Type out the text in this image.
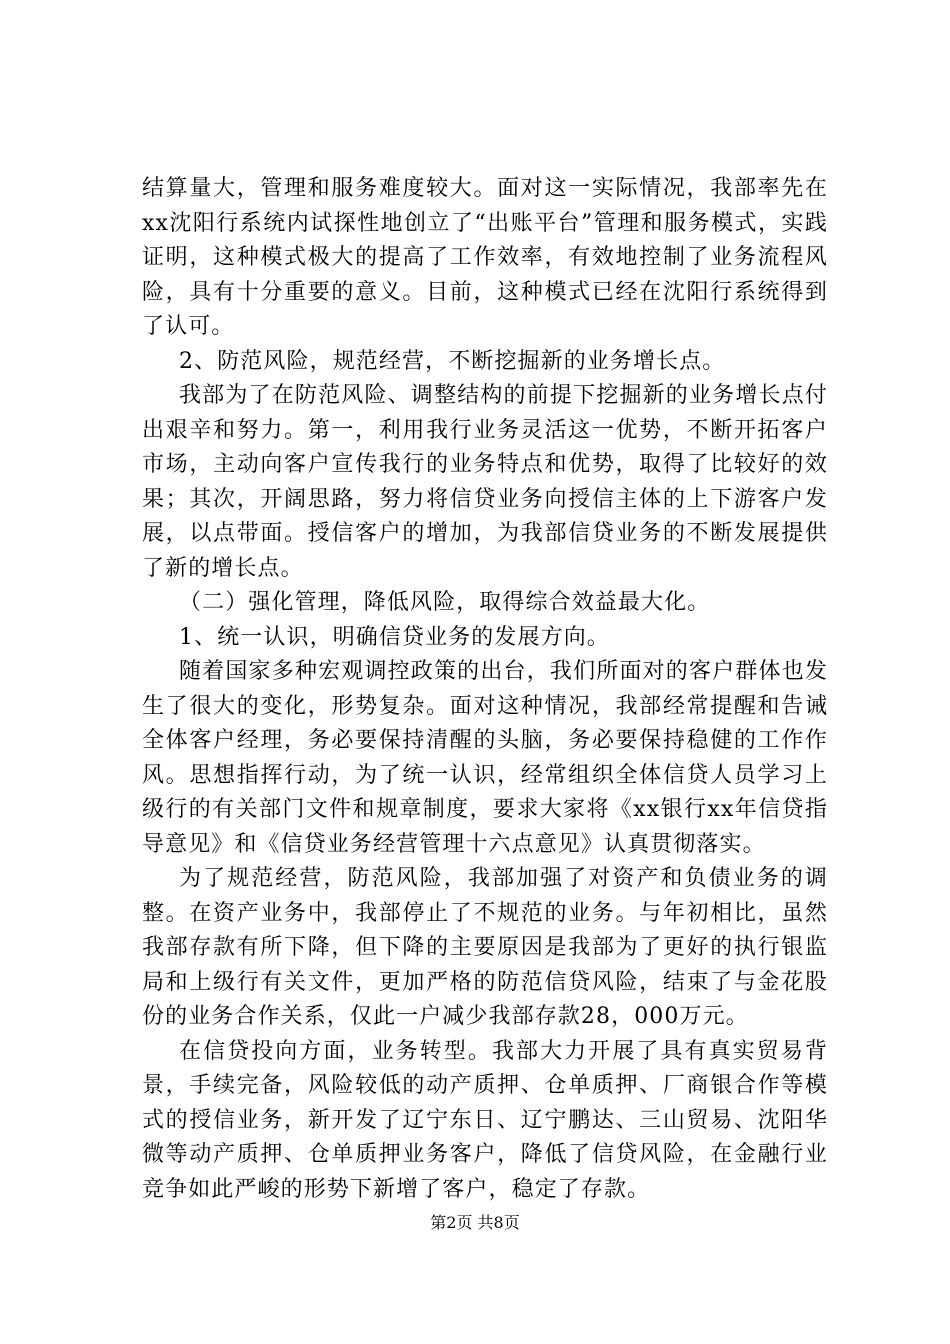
结算量大，管理和服务难度较大。面对这一实际情况，我部率先在xx沈阳行系统内试探性地创立了“出账平台”管理和服务模式，实践证明，这种模式极大的提高了工作效率，有效地控制了业务流程风险，具有十分重要的意义。目前，这种模式已经在沈阳行系统得到了认可。

2、防范风险，规范经营，不断挖掘新的业务增长点。

我部为了在防范风险、调整结构的前提下挖掘新的业务增长点付出艰辛和努力。第一，利用我行业务灵活这一优势，不断开拓客户市场，主动向客户宣传我行的业务特点和优势，取得了比较好的效果；其次，开阔思路，努力将信贷业务向授信主体的上下游客户发展，以点带面。授信客户的增加，为我部信贷业务的不断发展提供了新的增长点。

（二）强化管理，降低风险，取得综合效益最大化。

1、统一认识，明确信贷业务的发展方向。

随着国家多种宏观调控政策的出台，我们所面对的客户群体也发生了很大的变化，形势复杂。面对这种情况，我部经常提醒和告诫全体客户经理，务必要保持清醒的头脑，务必要保持稳健的工作作风。思想指挥行动，为了统一认识，经常组织全体信贷人员学习上级行的有关部门文件和规章制度，要求大家将《xx银行xx年信贷指导意见》和《信贷业务经营管理十六点意见》认真贯彻落实。

为了规范经营，防范风险，我部加强了对资产和负债业务的调整。在资产业务中，我部停止了不规范的业务。与年初相比，虽然我部存款有所下降，但下降的主要原因是我部为了更好的执行银监局和上级行有关文件，更加严格的防范信贷风险，结束了与金花股份的业务合作关系，仅此一户减少我部存款28，000万元。

在信贷投向方面，业务转型。我部大力开展了具有真实贸易背景，手续完备，风险较低的动产质押、仓单质押、厂商银合作等模式的授信业务，新开发了辽宁东日、辽宁鹏达、三山贸易、沈阳华微等动产质押、仓单质押业务客户，降低了信贷风险，在金融行业竞争如此严峻的形势下新增了客户，稳定了存款。

第2页 共8页
